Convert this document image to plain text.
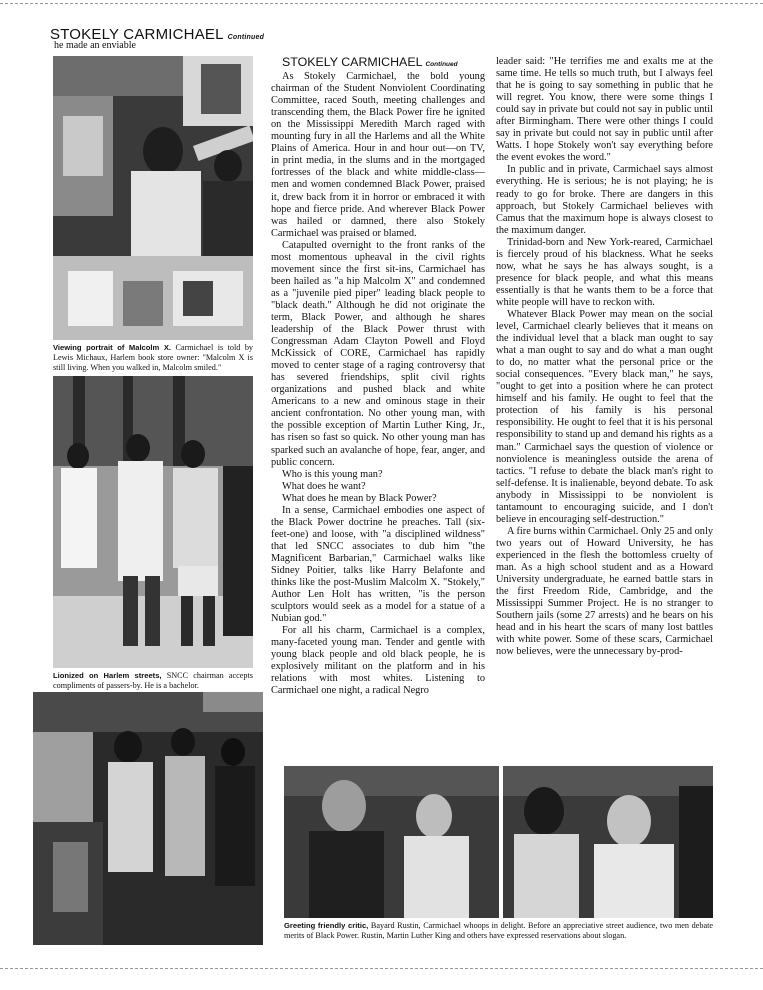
STOKELY CARMICHAEL Continued
he made an enviable
Viewing portrait of Malcolm X. Carmichael is told by Lewis Michaux, Harlem book store owner: "Malcolm X is still living. When you walked in, Malcolm smiled."
Lionized on Harlem streets, SNCC chairman accepts compliments of passers-by. He is a bachelor.

STOKELY CARMICHAEL Continued

As Stokely Carmichael, the bold young chairman of the Student Nonviolent Coordinating Committee, raced South, meeting challenges and transcending them, the Black Power fire he ignited on the Mississippi Meredith March raged with mounting fury in all the Harlems and all the White Plains of America. Hour in and hour out—on TV, in print media, in the slums and in the mortgaged fortresses of the black and white middle-class—men and women condemned Black Power, praised it, drew back from it in horror or embraced it with hope and fierce pride. And wherever Black Power was hailed or damned, there also Stokely Carmichael was praised or blamed.

Catapulted overnight to the front ranks of the most momentous upheaval in the civil rights movement since the first sit-ins, Carmichael has been hailed as "a hip Malcolm X" and condemned as a "juvenile pied piper" leading black people to "black death." Although he did not originate the term, Black Power, and although he shares leadership of the Black Power thrust with Congressman Adam Clayton Powell and Floyd McKissick of CORE, Carmichael has rapidly moved to center stage of a raging controversy that has severed friendships, split civil rights organizations and pushed black and white Americans to a new and ominous stage in their ancient confrontation. No other young man, with the possible exception of Martin Luther King, Jr., has risen so fast so quick. No other young man has sparked such an avalanche of hope, fear, anger, and public concern.

Who is this young man?

What does he want?

What does he mean by Black Power?

In a sense, Carmichael embodies one aspect of the Black Power doctrine he preaches. Tall (six-feet-one) and loose, with "a disciplined wildness" that led SNCC associates to dub him "the Magnificent Barbarian," Carmichael walks like Sidney Poitier, talks like Harry Belafonte and thinks like the post-Muslim Malcolm X. "Stokely," Author Len Holt has written, "is the person sculptors would seek as a model for a statue of a Nubian god."

For all his charm, Carmichael is a complex, many-faceted young man. Tender and gentle with young black people and old black people, he is explosively militant on the platform and in his relations with most whites. Listening to Carmichael one night, a radical Negro

leader said: "He terrifies me and exalts me at the same time. He tells so much truth, but I always feel that he is going to say something in public that he will regret. You know, there were some things I could say in private but could not say in public until after Birmingham. There were other things I could say in private but could not say in public until after Watts. I hope Stokely won't say everything before the event evokes the word."

In public and in private, Carmichael says almost everything. He is serious; he is not playing; he is ready to go for broke. There are dangers in this approach, but Stokely Carmichael believes with Camus that the maximum hope is always closest to the maximum danger.

Trinidad-born and New York-reared, Carmichael is fiercely proud of his blackness. What he seeks now, what he says he has always sought, is a presence for black people, and what this means essentially is that he wants them to be a force that white people will have to reckon with.

Whatever Black Power may mean on the social level, Carmichael clearly believes that it means on the individual level that a black man ought to say what a man ought to say and do what a man ought to do, no matter what the personal price or the social consequences. "Every black man," he says, "ought to get into a position where he can protect himself and his family. He ought to feel that the protection of his family is his personal responsibility. He ought to feel that it is his personal responsibility to stand up and demand his rights as a man." Carmichael says the question of violence or nonviolence is meaningless outside the arena of tactics. "I refuse to debate the black man's right to self-defense. It is inalienable, beyond debate. To ask anybody in Mississippi to be nonviolent is tantamount to encouraging suicide, and I don't believe in encouraging self-destruction."

A fire burns within Carmichael. Only 25 and only two years out of Howard University, he has experienced in the flesh the bottomless cruelty of man. As a high school student and as a Howard University undergraduate, he earned battle stars in the first Freedom Ride, Cambridge, and the Mississippi Summer Project. He is no stranger to Southern jails (some 27 arrests) and he bears on his head and in his heart the scars of many lost battles with white power. Some of these scars, Carmichael now believes, were the unnecessary by-prod-

Greeting friendly critic, Bayard Rustin, Carmichael whoops in delight. Before an appreciative street audience, two men debate merits of Black Power. Rustin, Martin Luther King and others have expressed reservations about slogan.
